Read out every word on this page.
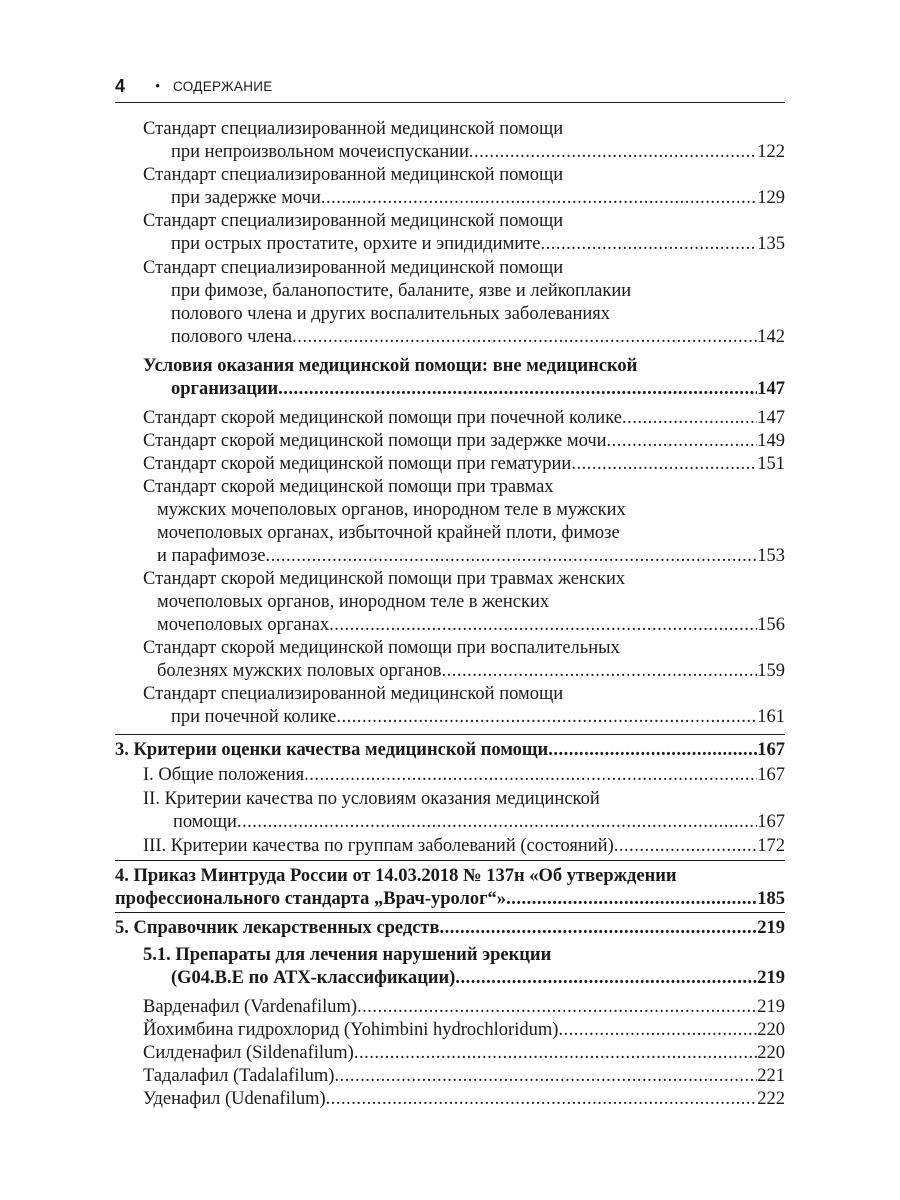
4 • СОДЕРЖАНИЕ
Стандарт специализированной медицинской помощи
при непроизвольном мочеиспускании .....	122
Стандарт специализированной медицинской помощи
при задержке мочи .....	129
Стандарт специализированной медицинской помощи
при острых простатите, орхите и эпидидимите .....	135
Стандарт специализированной медицинской помощи
при фимозе, баланопостите, баланите, язве и лейкоплакии
полового члена и других воспалительных заболеваниях
полового члена .....	142
Условия оказания медицинской помощи: вне медицинской
организации .....	147
Стандарт скорой медицинской помощи при почечной колике .....	147
Стандарт скорой медицинской помощи при задержке мочи .....	149
Стандарт скорой медицинской помощи при гематурии .....	151
Стандарт скорой медицинской помощи при травмах
мужских мочеполовых органов, инородном теле в мужских
мочеполовых органах, избыточной крайней плоти, фимозе
и парафимозе .....	153
Стандарт скорой медицинской помощи при травмах женских
мочеполовых органов, инородном теле в женских
мочеполовых органах .....	156
Стандарт скорой медицинской помощи при воспалительных
болезнях мужских половых органов .....	159
Стандарт специализированной медицинской помощи
при почечной колике .....	161
3. Критерии оценки качества медицинской помощи .....	167
I. Общие положения .....	167
II. Критерии качества по условиям оказания медицинской
помощи .....	167
III. Критерии качества по группам заболеваний (состояний) .....	172
4. Приказ Минтруда России от 14.03.2018 № 137н «Об утверждении
профессионального стандарта „Врач-уролог“» .....	185
5. Справочник лекарственных средств .....	219
5.1. Препараты для лечения нарушений эрекции
(G04.B.E по АТХ-классификации) .....	219
Варденафил (Vardenafilum) .....	219
Йохимбина гидрохлорид (Yohimbini hydrochloridum) .....	220
Силденафил (Sildenafilum) .....	220
Тадалафил (Tadalafilum) .....	221
Уденафил (Udenafilum) .....	222
